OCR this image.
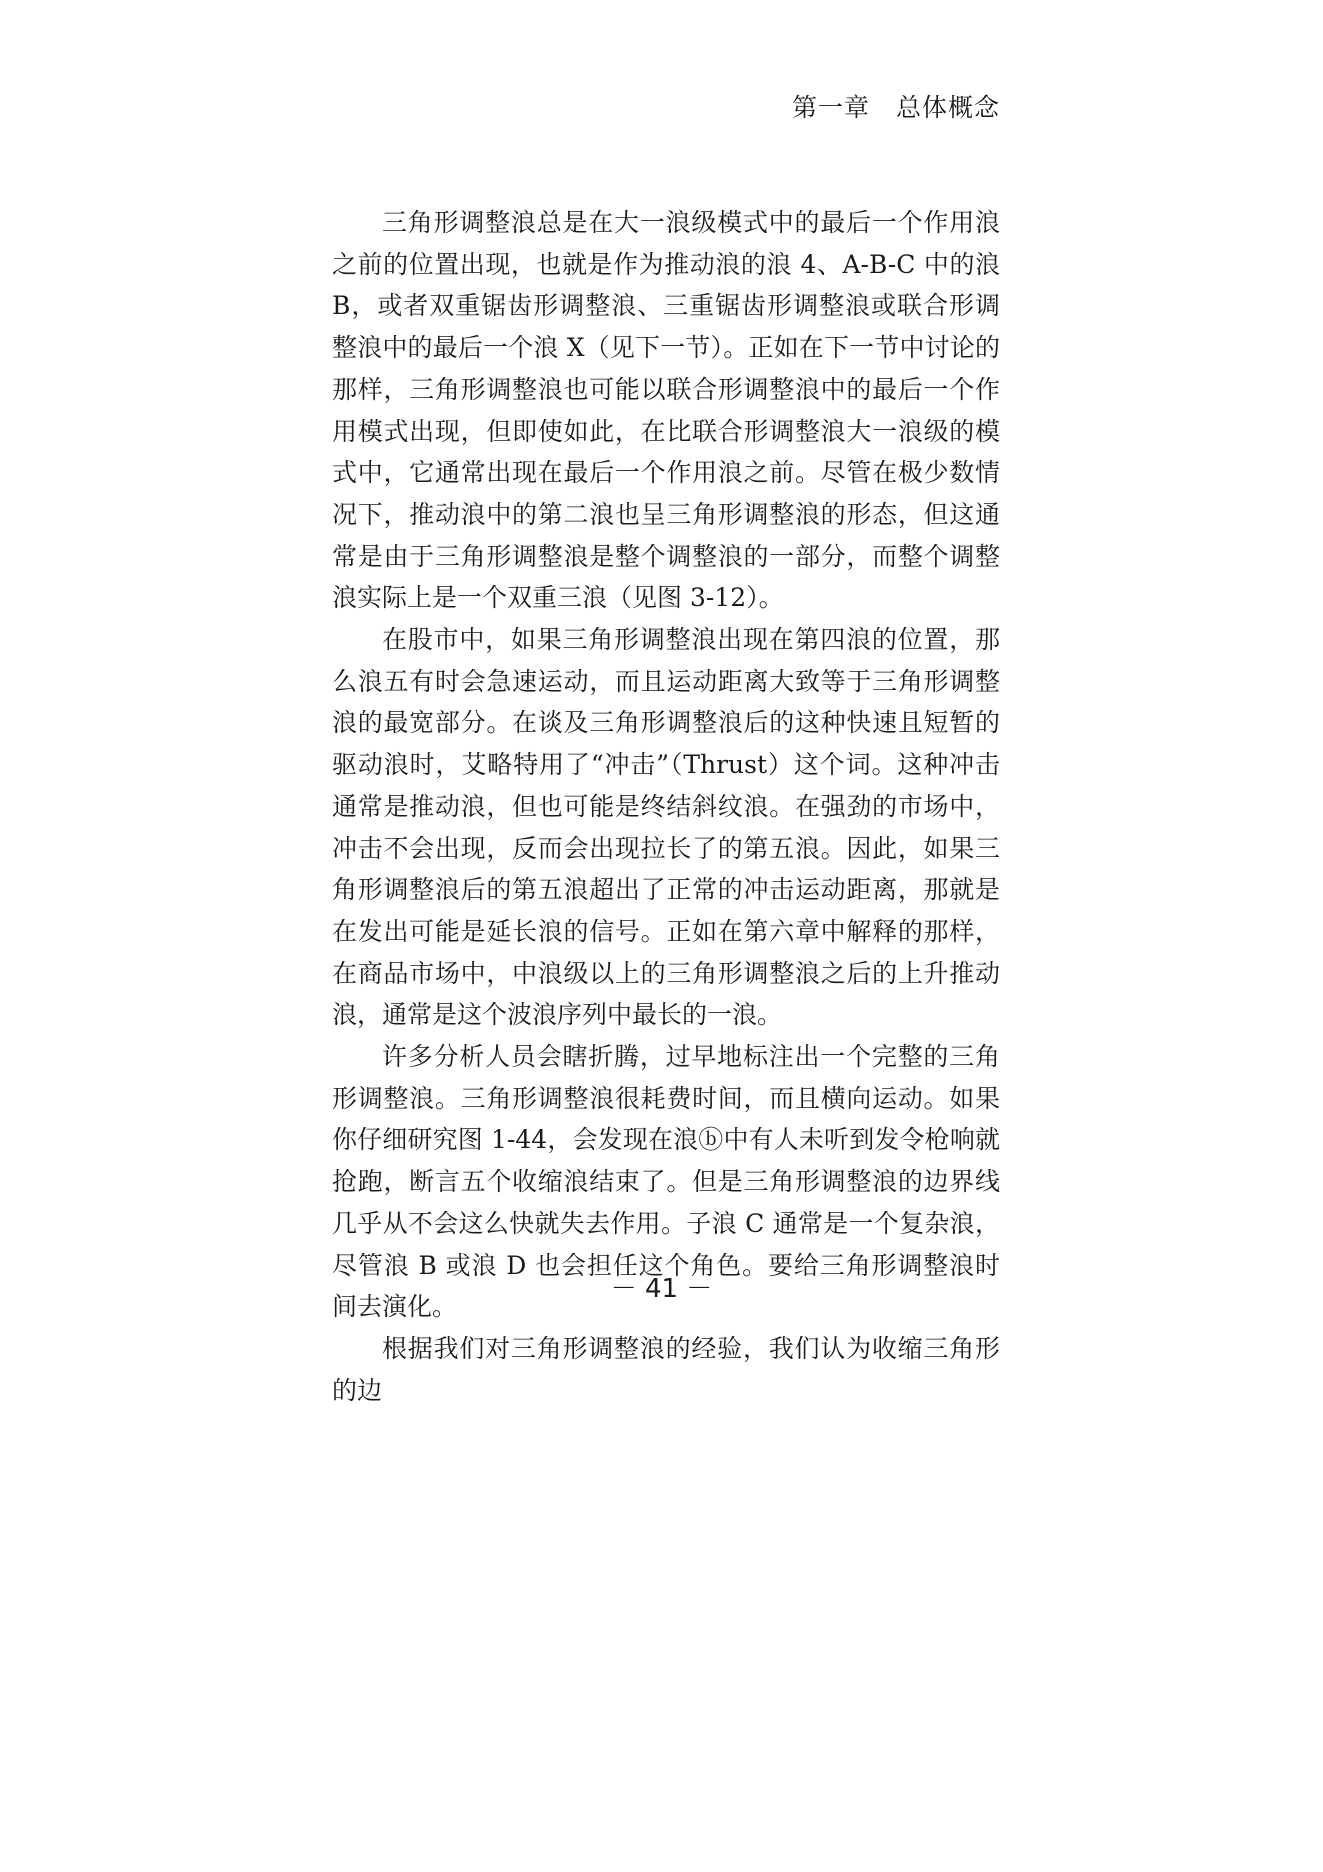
第一章　总体概念

三角形调整浪总是在大一浪级模式中的最后一个作用浪之前的位置出现，也就是作为推动浪的浪 4、A-B-C 中的浪 B，或者双重锯齿形调整浪、三重锯齿形调整浪或联合形调整浪中的最后一个浪 X（见下一节）。正如在下一节中讨论的那样，三角形调整浪也可能以联合形调整浪中的最后一个作用模式出现，但即使如此，在比联合形调整浪大一浪级的模式中，它通常出现在最后一个作用浪之前。尽管在极少数情况下，推动浪中的第二浪也呈三角形调整浪的形态，但这通常是由于三角形调整浪是整个调整浪的一部分，而整个调整浪实际上是一个双重三浪（见图 3-12）。

在股市中，如果三角形调整浪出现在第四浪的位置，那么浪五有时会急速运动，而且运动距离大致等于三角形调整浪的最宽部分。在谈及三角形调整浪后的这种快速且短暂的驱动浪时，艾略特用了“冲击”（Thrust）这个词。这种冲击通常是推动浪，但也可能是终结斜纹浪。在强劲的市场中，冲击不会出现，反而会出现拉长了的第五浪。因此，如果三角形调整浪后的第五浪超出了正常的冲击运动距离，那就是在发出可能是延长浪的信号。正如在第六章中解释的那样，在商品市场中，中浪级以上的三角形调整浪之后的上升推动浪，通常是这个波浪序列中最长的一浪。

许多分析人员会瞎折腾，过早地标注出一个完整的三角形调整浪。三角形调整浪很耗费时间，而且横向运动。如果你仔细研究图 1-44，会发现在浪ⓑ中有人未听到发令枪响就抢跑，断言五个收缩浪结束了。但是三角形调整浪的边界线几乎从不会这么快就失去作用。子浪 C 通常是一个复杂浪，尽管浪 B 或浪 D 也会担任这个角色。要给三角形调整浪时间去演化。

根据我们对三角形调整浪的经验，我们认为收缩三角形的边

－ 41 －
